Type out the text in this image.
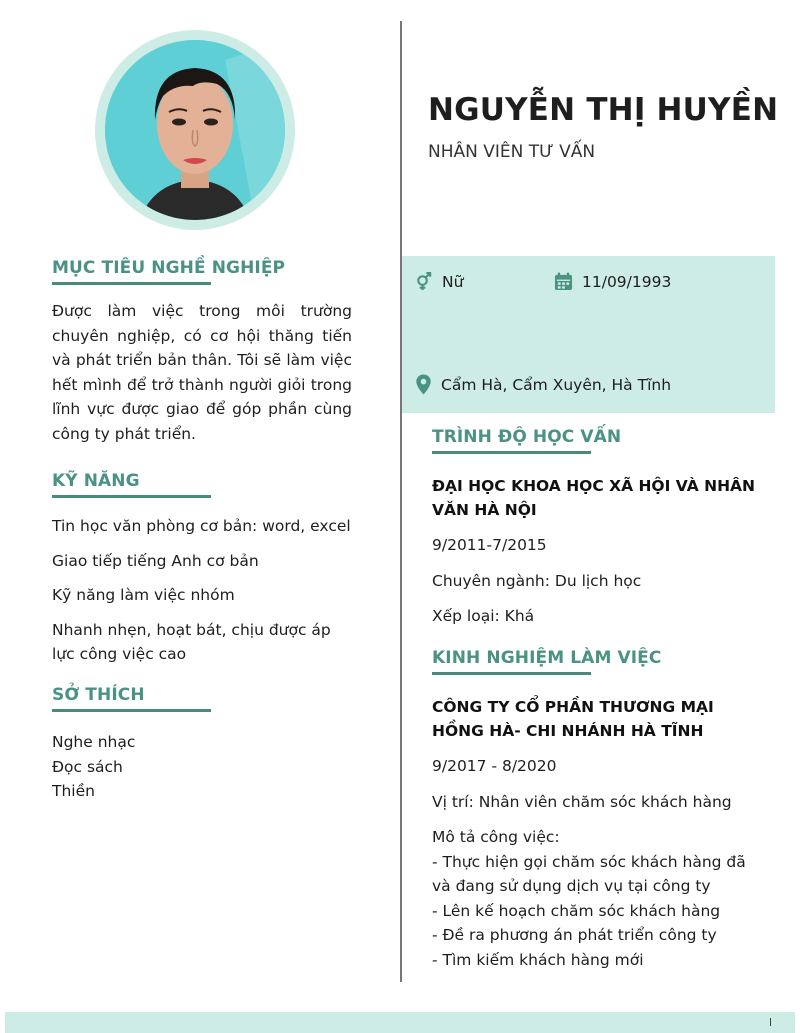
MỤC TIÊU NGHỀ NGHIỆP

Được làm việc trong môi trường chuyên nghiệp, có cơ hội thăng tiến và phát triển bản thân. Tôi sẽ làm việc hết mình để trở thành người giỏi trong lĩnh vực được giao để góp phần cùng công ty phát triển.

KỸ NĂNG

Tin học văn phòng cơ bản: word, excel

Giao tiếp tiếng Anh cơ bản

Kỹ năng làm việc nhóm

Nhanh nhẹn, hoạt bát, chịu được áp lực công việc cao

SỞ THÍCH

Nghe nhạc

Đọc sách

Thiền

NGUYỄN THỊ HUYỀN
NHÂN VIÊN TƯ VẤN
Nữ	11/09/1993
Cẩm Hà, Cẩm Xuyên, Hà Tĩnh
TRÌNH ĐỘ HỌC VẤN

ĐẠI HỌC KHOA HỌC XÃ HỘI VÀ NHÂN VĂN HÀ NỘI

9/2011-7/2015

Chuyên ngành: Du lịch học

Xếp loại: Khá

KINH NGHIỆM LÀM VIỆC

CÔNG TY CỔ PHẦN THƯƠNG MẠI HỒNG HÀ- CHI NHÁNH HÀ TĨNH

9/2017 - 8/2020

Vị trí: Nhân viên chăm sóc khách hàng

Mô tả công việc:

- Thực hiện gọi chăm sóc khách hàng đã và đang sử dụng dịch vụ tại công ty

- Lên kế hoạch chăm sóc khách hàng

- Đề ra phương án phát triển công ty

- Tìm kiếm khách hàng mới
